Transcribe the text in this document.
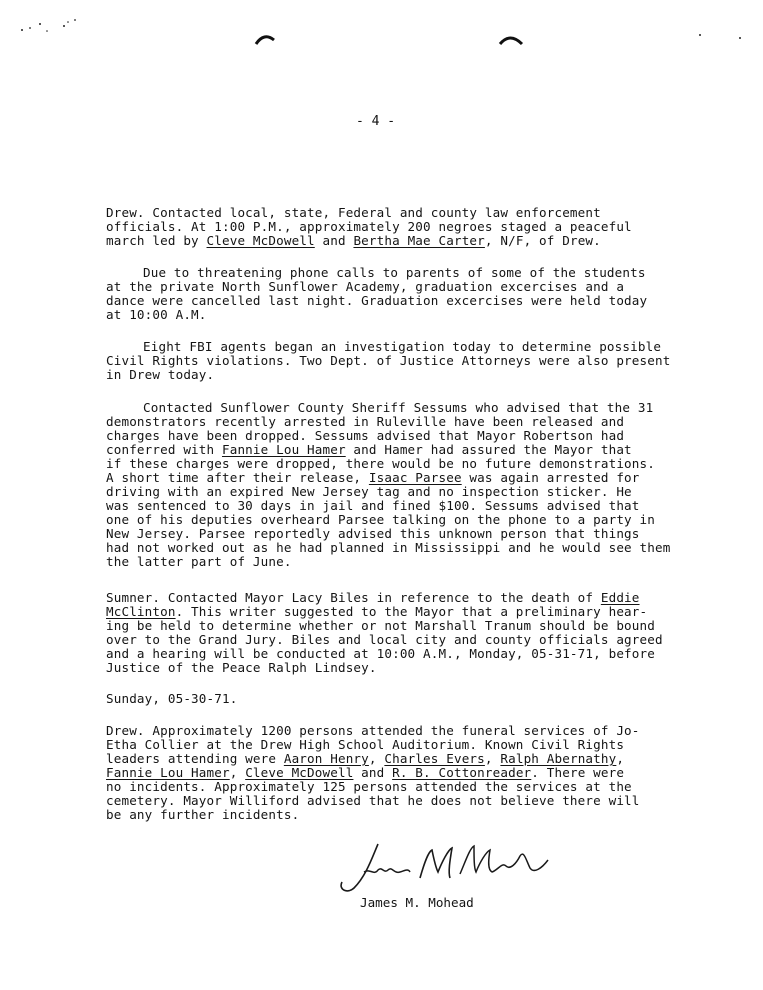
- 4 -
Drew. Contacted local, state, Federal and county law enforcement
officials. At 1:00 P.M., approximately 200 negroes staged a peaceful
march led by Cleve McDowell and Bertha Mae Carter, N/F, of Drew.
Due to threatening phone calls to parents of some of the students
at the private North Sunflower Academy, graduation excercises and a
dance were cancelled last night. Graduation excercises were held today
at 10:00 A.M.
Eight FBI agents began an investigation today to determine possible
Civil Rights violations. Two Dept. of Justice Attorneys were also present
in Drew today.
Contacted Sunflower County Sheriff Sessums who advised that the 31
demonstrators recently arrested in Ruleville have been released and
charges have been dropped. Sessums advised that Mayor Robertson had
conferred with Fannie Lou Hamer and Hamer had assured the Mayor that
if these charges were dropped, there would be no future demonstrations.
A short time after their release, Isaac Parsee was again arrested for
driving with an expired New Jersey tag and no inspection sticker. He
was sentenced to 30 days in jail and fined $100. Sessums advised that
one of his deputies overheard Parsee talking on the phone to a party in
New Jersey. Parsee reportedly advised this unknown person that things
had not worked out as he had planned in Mississippi and he would see them
the latter part of June.
Sumner. Contacted Mayor Lacy Biles in reference to the death of Eddie
McClinton. This writer suggested to the Mayor that a preliminary hear-
ing be held to determine whether or not Marshall Tranum should be bound
over to the Grand Jury. Biles and local city and county officials agreed
and a hearing will be conducted at 10:00 A.M., Monday, 05-31-71, before
Justice of the Peace Ralph Lindsey.
Sunday, 05-30-71.
Drew. Approximately 1200 persons attended the funeral services of Jo-
Etha Collier at the Drew High School Auditorium. Known Civil Rights
leaders attending were Aaron Henry, Charles Evers, Ralph Abernathy,
Fannie Lou Hamer, Cleve McDowell and R. B. Cottonreader. There were
no incidents. Approximately 125 persons attended the services at the
cemetery. Mayor Williford advised that he does not believe there will
be any further incidents.
James M. Mohead
